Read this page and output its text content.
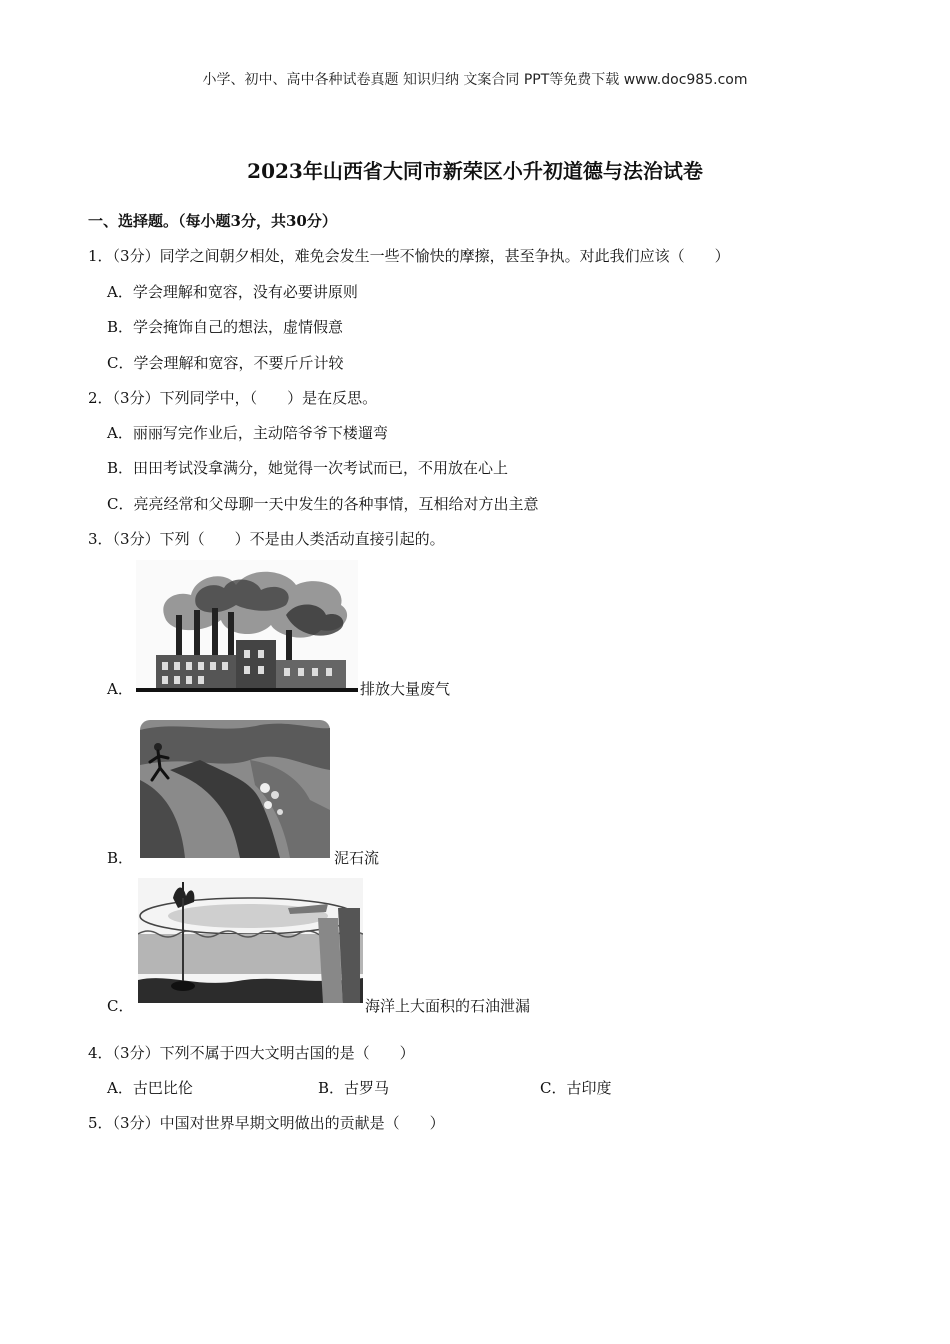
小学、初中、高中各种试卷真题 知识归纳 文案合同 PPT等免费下载 www.doc985.com
2023年山西省大同市新荣区小升初道德与法治试卷
一、选择题。（每小题3分，共30分）
1．（3分）同学之间朝夕相处，难免会发生一些不愉快的摩擦，甚至争执。对此我们应该（　　）
A．学会理解和宽容，没有必要讲原则
B．学会掩饰自己的想法，虚情假意
C．学会理解和宽容，不要斤斤计较
2．（3分）下列同学中，（　　）是在反思。
A．丽丽写完作业后，主动陪爷爷下楼遛弯
B．田田考试没拿满分，她觉得一次考试而已，不用放在心上
C．亮亮经常和父母聊一天中发生的各种事情，互相给对方出主意
3．（3分）下列（　　）不是由人类活动直接引起的。
A．	排放大量废气
B．	泥石流
C．	海洋上大面积的石油泄漏
4．（3分）下列不属于四大文明古国的是（　　）
A．古巴比伦	B．古罗马	C．古印度
5．（3分）中国对世界早期文明做出的贡献是（　　）
